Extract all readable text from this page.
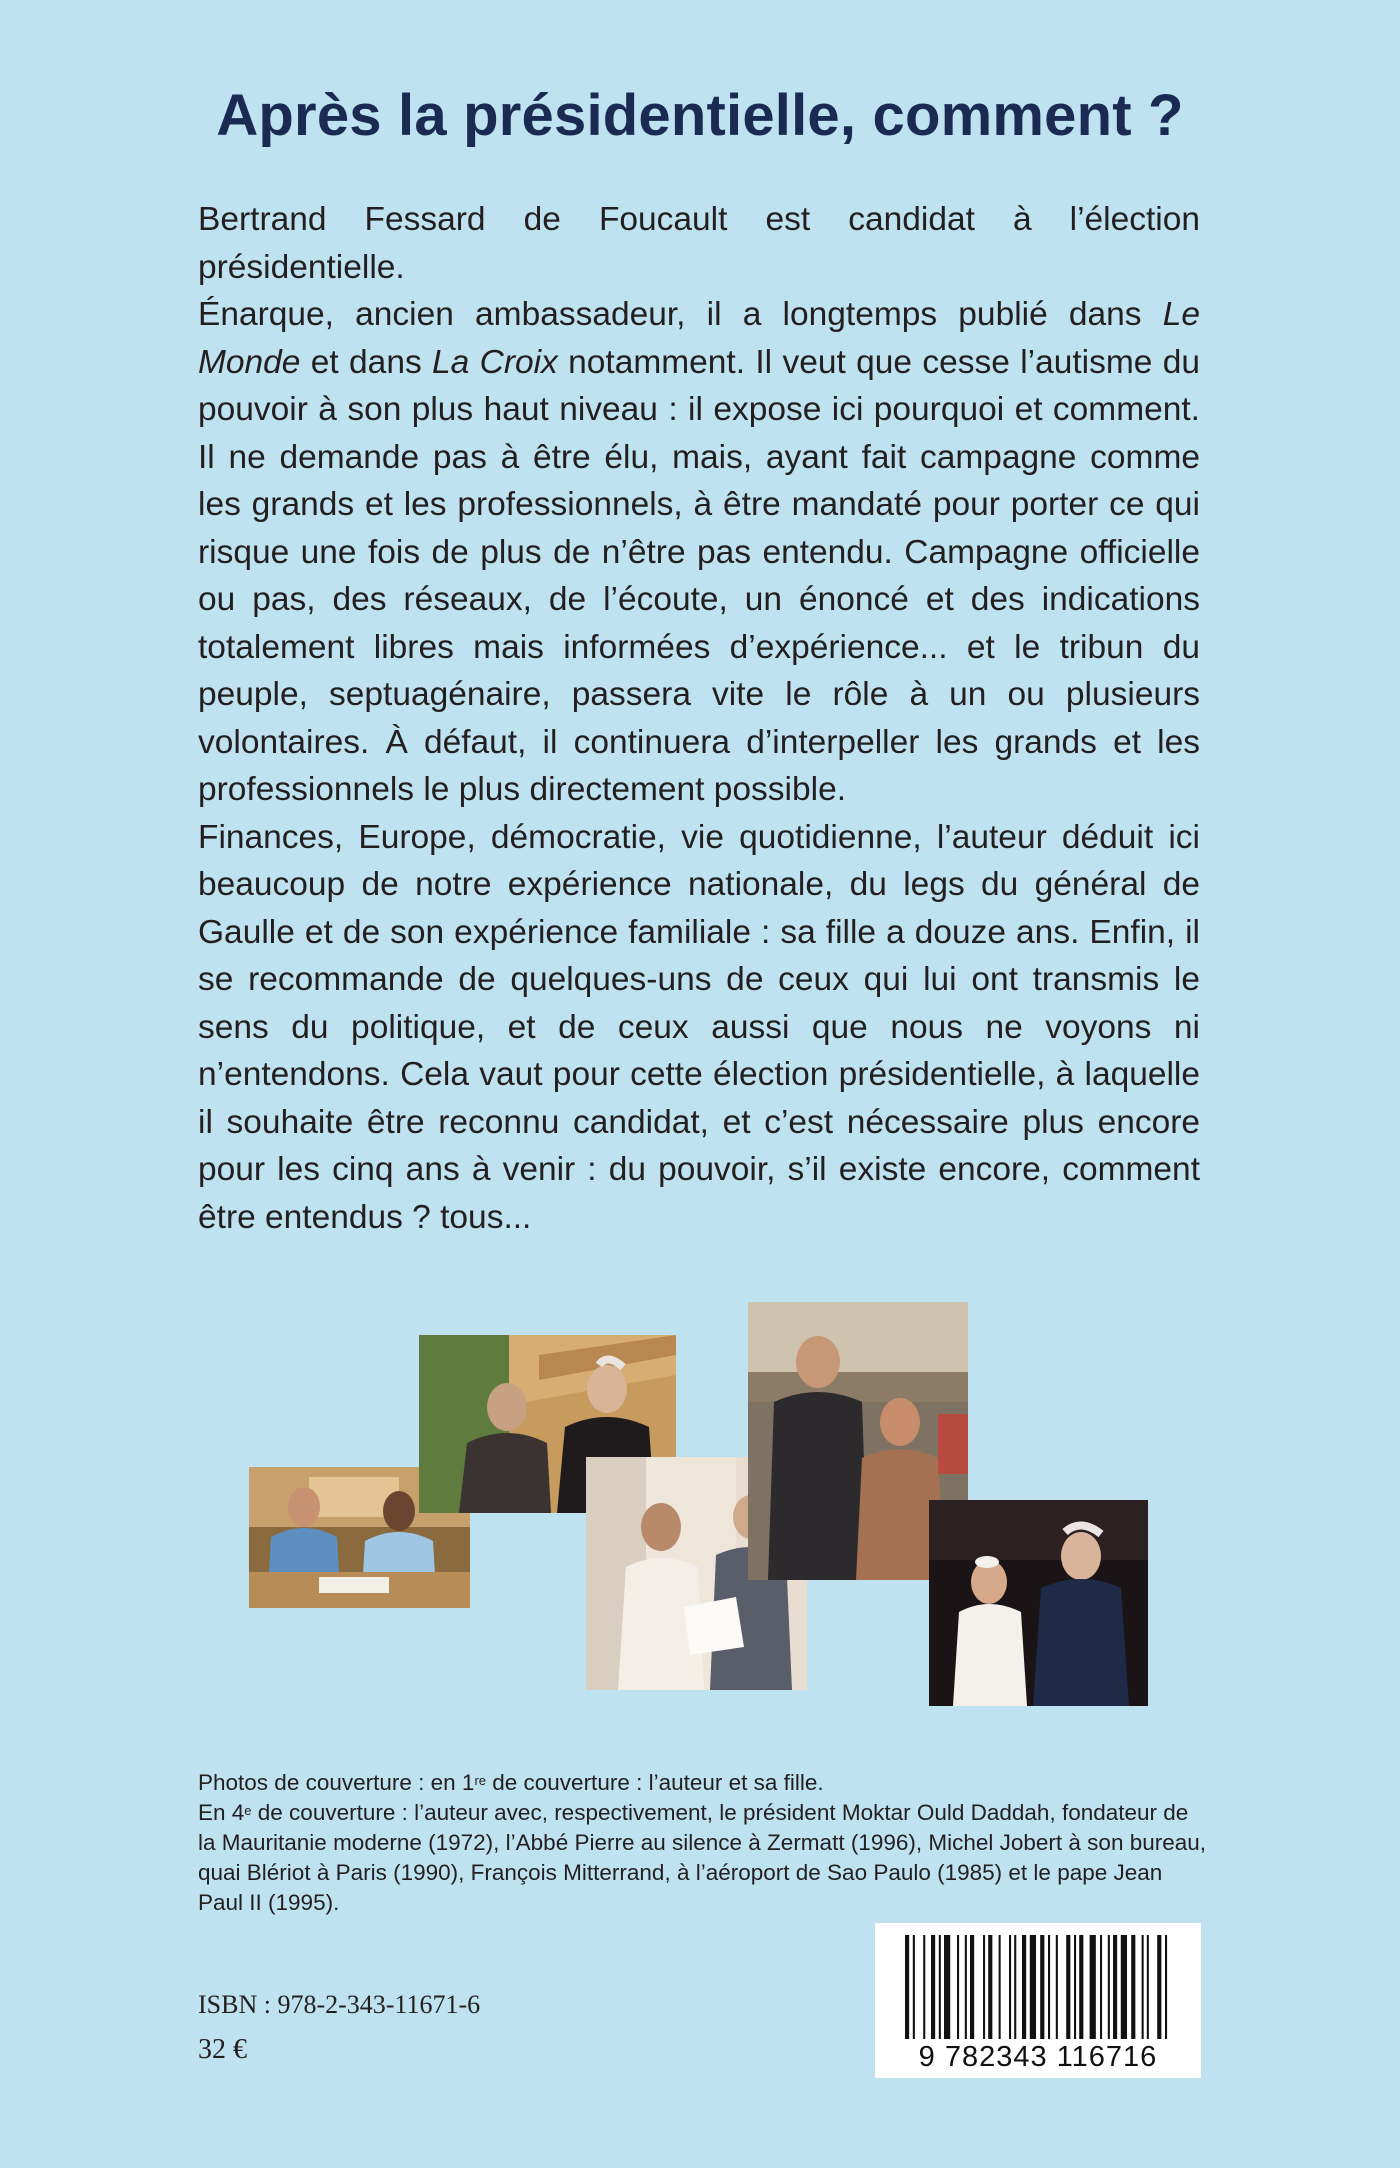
Après la présidentielle, comment ?

Bertrand Fessard de Foucault est candidat à l’élection présidentielle.

Énarque, ancien ambassadeur, il a longtemps publié dans Le Monde et dans La Croix notamment. Il veut que cesse l’autisme du pouvoir à son plus haut niveau : il expose ici pourquoi et comment. Il ne demande pas à être élu, mais, ayant fait campagne comme les grands et les professionnels, à être mandaté pour porter ce qui risque une fois de plus de n’être pas entendu. Campagne officielle ou pas, des réseaux, de l’écoute, un énoncé et des indications totalement libres mais informées d’expérience... et le tribun du peuple, septuagénaire, passera vite le rôle à un ou plusieurs volontaires. À défaut, il continuera d’interpeller les grands et les professionnels le plus directement possible.

Finances, Europe, démocratie, vie quotidienne, l’auteur déduit ici beaucoup de notre expérience nationale, du legs du général de Gaulle et de son expérience familiale : sa fille a douze ans. Enfin, il se recommande de quelques-uns de ceux qui lui ont transmis le sens du politique, et de ceux aussi que nous ne voyons ni n’entendons. Cela vaut pour cette élection présidentielle, à laquelle il souhaite être reconnu candidat, et c’est nécessaire plus encore pour les cinq ans à venir : du pouvoir, s’il existe encore, comment être entendus ? tous...

Photos de couverture : en 1re de couverture : l’auteur et sa fille.

En 4e de couverture : l’auteur avec, respectivement, le président Moktar Ould Daddah, fondateur de la Mauritanie moderne (1972), l’Abbé Pierre au silence à Zermatt (1996), Michel Jobert à son bureau, quai Blériot à Paris (1990), François Mitterrand, à l’aéroport de Sao Paulo (1985) et le pape Jean Paul II (1995).

ISBN : 978-2-343-11671-6
32 €	9 782343 116716
